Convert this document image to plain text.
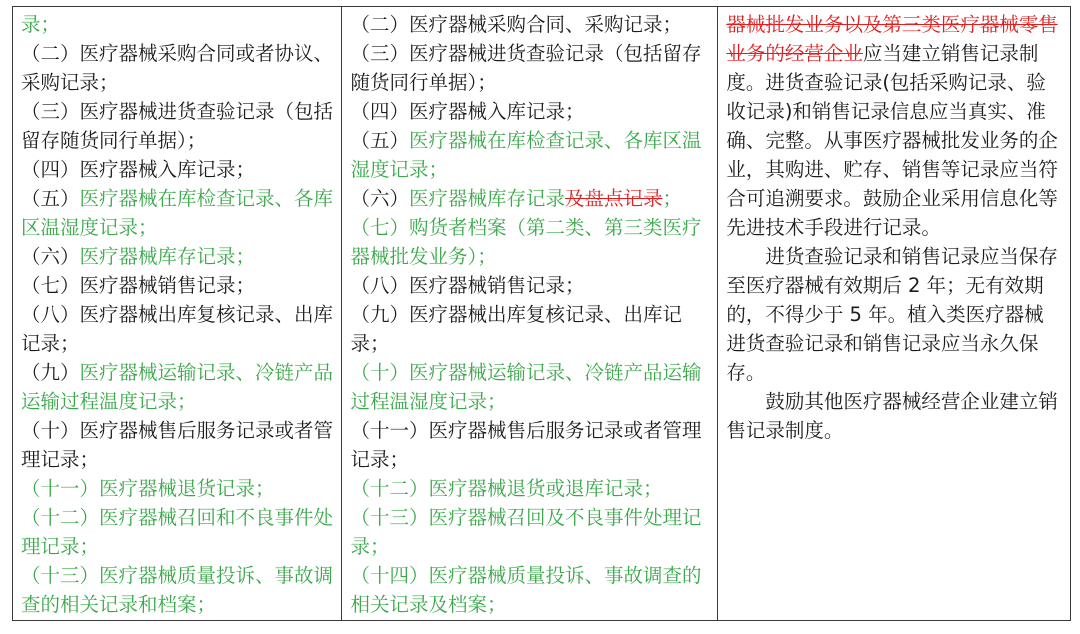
录；
（二）医疗器械采购合同或者协议、采购记录；
（三）医疗器械进货查验记录（包括留存随货同行单据）；
（四）医疗器械入库记录；
（五）医疗器械在库检查记录、各库区温湿度记录；
（六）医疗器械库存记录；
（七）医疗器械销售记录；
（八）医疗器械出库复核记录、出库记录；
（九）医疗器械运输记录、冷链产品运输过程温度记录；
（十）医疗器械售后服务记录或者管理记录；
（十一）医疗器械退货记录；
（十二）医疗器械召回和不良事件处理记录；
（十三）医疗器械质量投诉、事故调查的相关记录和档案；

（二）医疗器械采购合同、采购记录；
（三）医疗器械进货查验记录（包括留存随货同行单据）；
（四）医疗器械入库记录；
（五）医疗器械在库检查记录、各库区温湿度记录；
（六）医疗器械库存记录及盘点记录；
（七）购货者档案（第二类、第三类医疗器械批发业务）；
（八）医疗器械销售记录；
（九）医疗器械出库复核记录、出库记录；
（十）医疗器械运输记录、冷链产品运输过程温湿度记录；
（十一）医疗器械售后服务记录或者管理记录；
（十二）医疗器械退货或退库记录；
（十三）医疗器械召回及不良事件处理记录；
（十四）医疗器械质量投诉、事故调查的相关记录及档案；

器械批发业务以及第三类医疗器械零售业务的经营企业应当建立销售记录制度。进货查验记录(包括采购记录、验收记录)和销售记录信息应当真实、准确、完整。从事医疗器械批发业务的企业，其购进、贮存、销售等记录应当符合可追溯要求。鼓励企业采用信息化等先进技术手段进行记录。
进货查验记录和销售记录应当保存至医疗器械有效期后 2 年；无有效期的，不得少于 5 年。植入类医疗器械进货查验记录和销售记录应当永久保存。
鼓励其他医疗器械经营企业建立销售记录制度。
